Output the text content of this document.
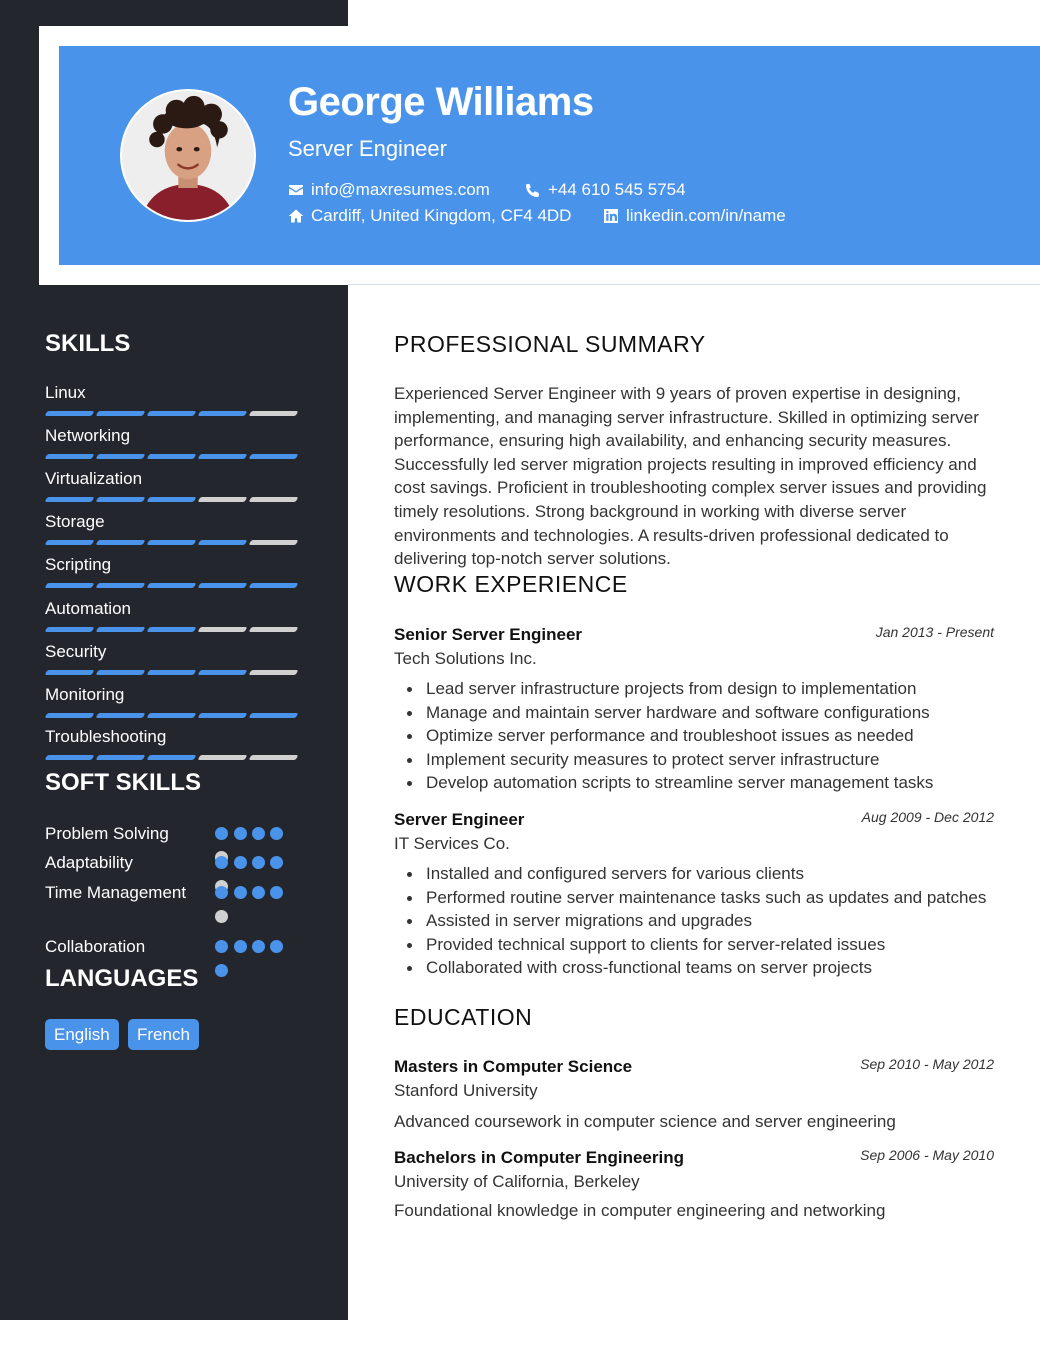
George Williams
Server Engineer
info@maxresumes.com	+44 610 545 5754
Cardiff, United Kingdom, CF4 4DD	linkedin.com/in/name
SKILLS
Linux
Networking
Virtualization
Storage
Scripting
Automation
Security
Monitoring
Troubleshooting
SOFT SKILLS
Problem Solving
Adaptability
Time Management
Collaboration
LANGUAGES
English	French
PROFESSIONAL SUMMARY
Experienced Server Engineer with 9 years of proven expertise in designing, implementing, and managing server infrastructure. Skilled in optimizing server performance, ensuring high availability, and enhancing security measures. Successfully led server migration projects resulting in improved efficiency and cost savings. Proficient in troubleshooting complex server issues and providing timely resolutions. Strong background in working with diverse server environments and technologies. A results-driven professional dedicated to delivering top-notch server solutions.
WORK EXPERIENCE
Senior Server Engineer	Jan 2013 - Present
Tech Solutions Inc.
Lead server infrastructure projects from design to implementation
Manage and maintain server hardware and software configurations
Optimize server performance and troubleshoot issues as needed
Implement security measures to protect server infrastructure
Develop automation scripts to streamline server management tasks
Server Engineer	Aug 2009 - Dec 2012
IT Services Co.
Installed and configured servers for various clients
Performed routine server maintenance tasks such as updates and patches
Assisted in server migrations and upgrades
Provided technical support to clients for server-related issues
Collaborated with cross-functional teams on server projects
EDUCATION
Masters in Computer Science	Sep 2010 - May 2012
Stanford University
Advanced coursework in computer science and server engineering
Bachelors in Computer Engineering	Sep 2006 - May 2010
University of California, Berkeley
Foundational knowledge in computer engineering and networking
